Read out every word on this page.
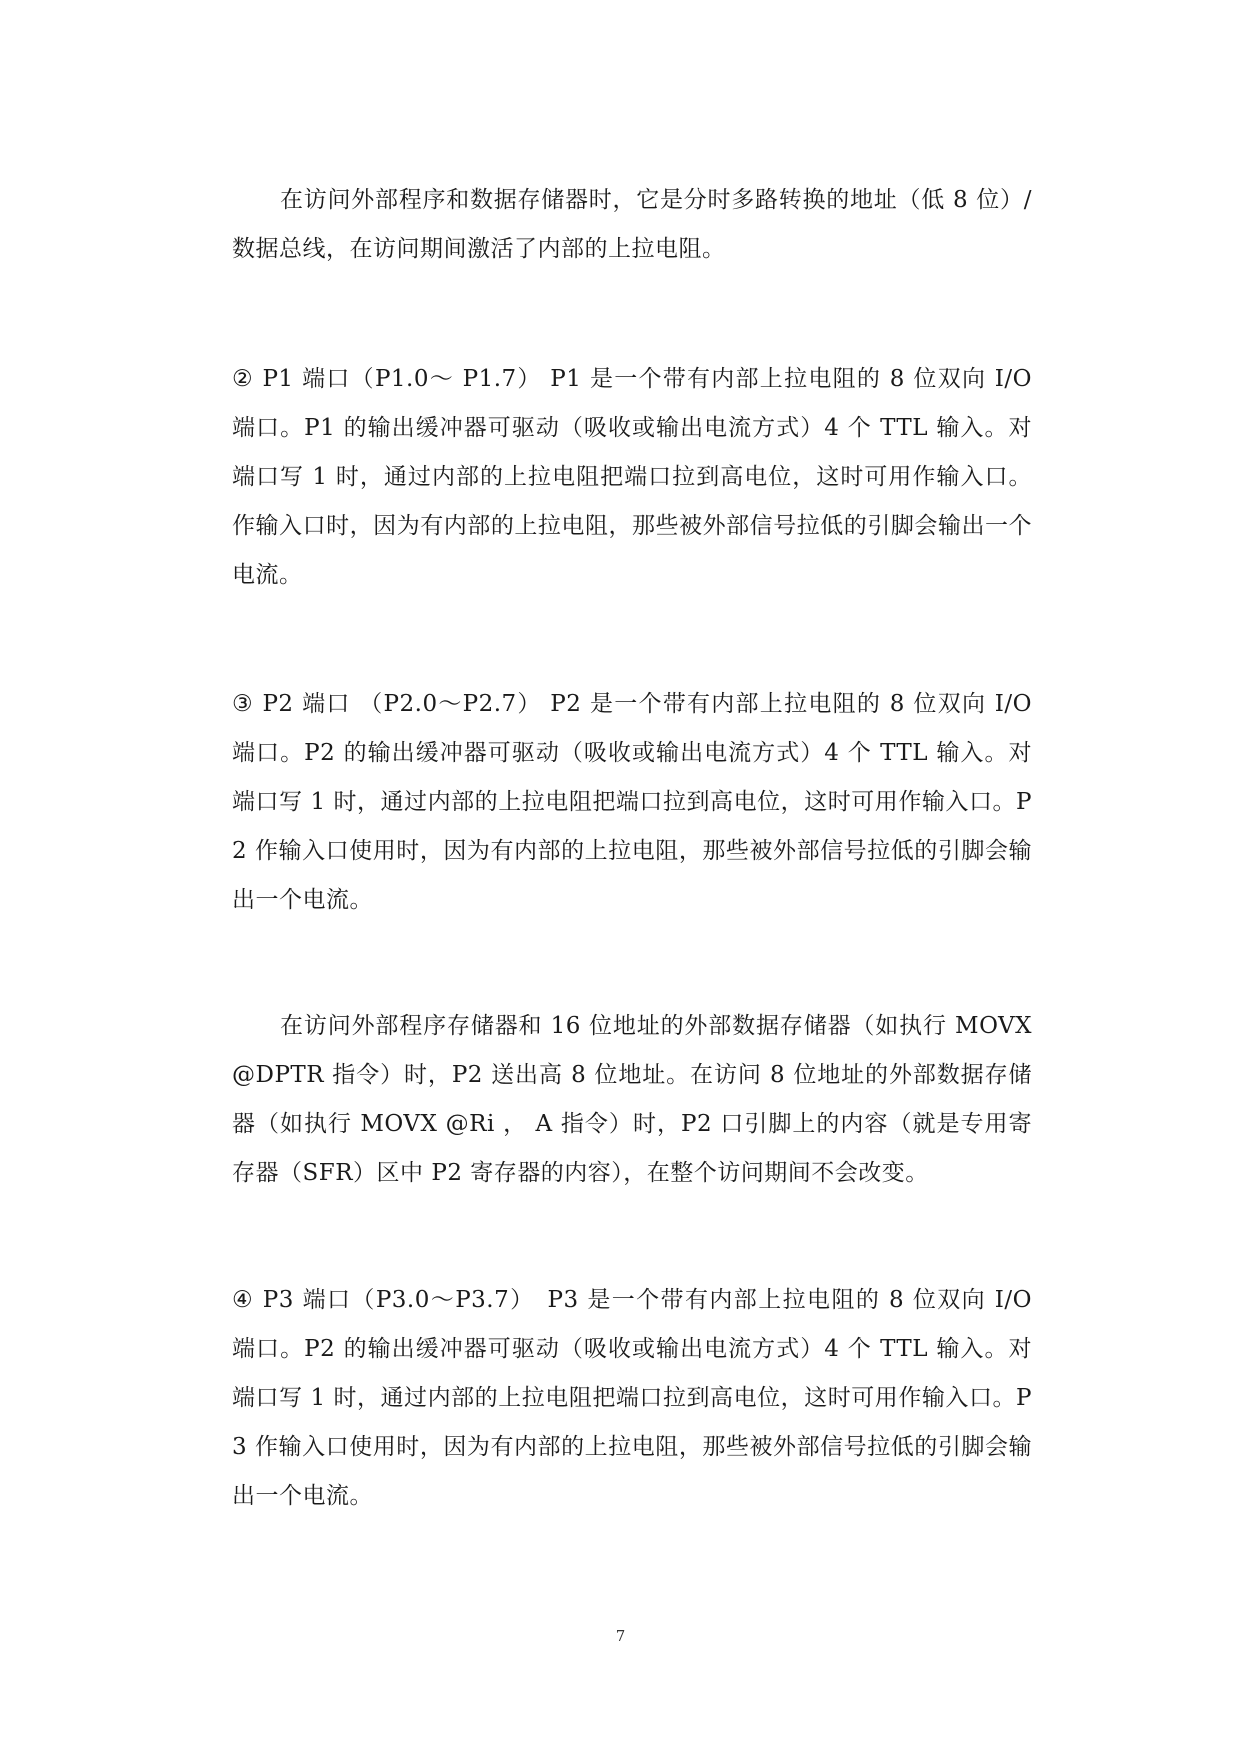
在访问外部程序和数据存储器时，它是分时多路转换的地址（低 8 位）/数据总线，在访问期间激活了内部的上拉电阻。

② P1 端口（P1.0～ P1.7） P1 是一个带有内部上拉电阻的 8 位双向 I/O 端口。P1 的输出缓冲器可驱动（吸收或输出电流方式）4 个 TTL 输入。对端口写 1 时，通过内部的上拉电阻把端口拉到高电位，这时可用作输入口。作输入口时，因为有内部的上拉电阻，那些被外部信号拉低的引脚会输出一个电流。

③ P2 端口 （P2.0～P2.7） P2 是一个带有内部上拉电阻的 8 位双向 I/O 端口。P2 的输出缓冲器可驱动（吸收或输出电流方式）4 个 TTL 输入。对端口写 1 时，通过内部的上拉电阻把端口拉到高电位，这时可用作输入口。P2 作输入口使用时，因为有内部的上拉电阻，那些被外部信号拉低的引脚会输出一个电流。

在访问外部程序存储器和 16 位地址的外部数据存储器（如执行 MOVX @DPTR 指令）时，P2 送出高 8 位地址。在访问 8 位地址的外部数据存储器（如执行 MOVX @Ri ， A 指令）时，P2 口引脚上的内容（就是专用寄存器（SFR）区中 P2 寄存器的内容），在整个访问期间不会改变。

④ P3 端口（P3.0～P3.7）　P3 是一个带有内部上拉电阻的 8 位双向 I/O 端口。P2 的输出缓冲器可驱动（吸收或输出电流方式）4 个 TTL 输入。对端口写 1 时，通过内部的上拉电阻把端口拉到高电位，这时可用作输入口。P3 作输入口使用时，因为有内部的上拉电阻，那些被外部信号拉低的引脚会输出一个电流。

7
